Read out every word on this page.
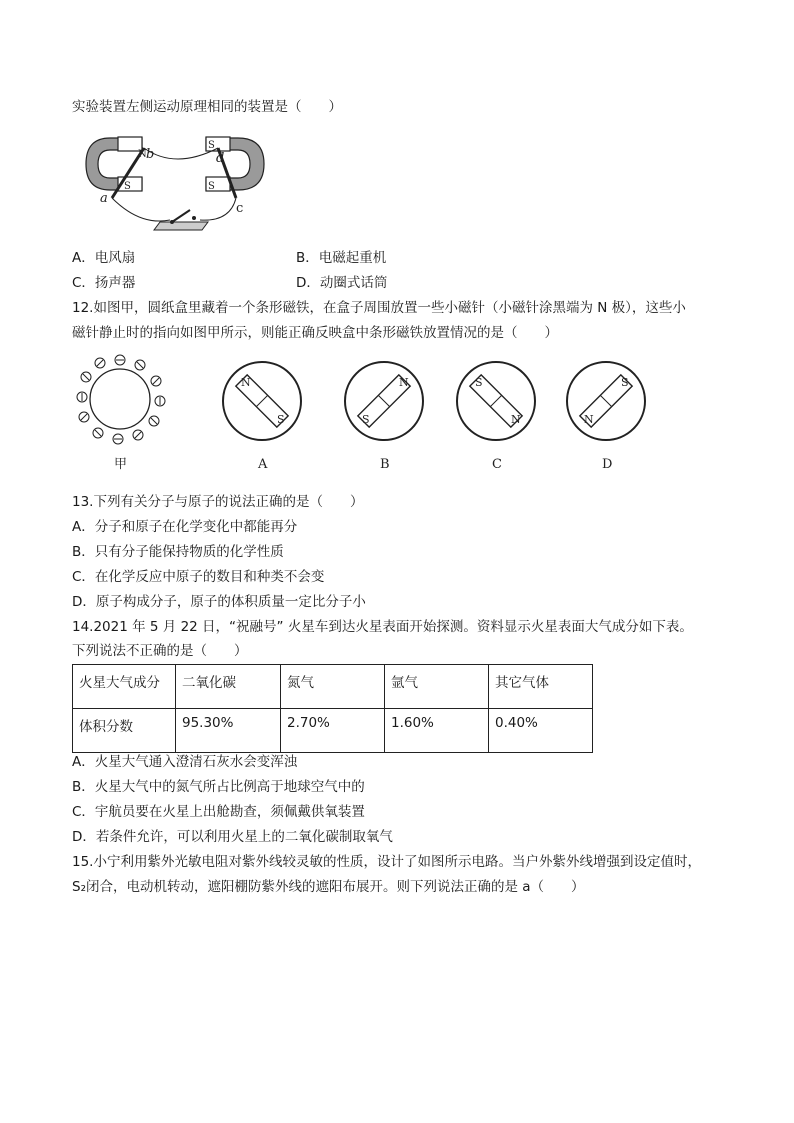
实验装置左侧运动原理相同的装置是（　　）
N
S
S
S
b	d
a
c
A．电风扇	B．电磁起重机
C．扬声器	D．动圈式话筒
12.如图甲，圆纸盒里藏着一个条形磁铁，在盒子周围放置一些小磁针（小磁针涂黑端为 N 极），这些小
磁针静止时的指向如图甲所示，则能正确反映盒中条形磁铁放置情况的是（　　）
甲
N
S
A
N
S
B
S
N
C
S
N
D
13.下列有关分子与原子的说法正确的是（　　）
A．分子和原子在化学变化中都能再分
B．只有分子能保持物质的化学性质
C．在化学反应中原子的数目和种类不会变
D．原子构成分子，原子的体积质量一定比分子小
14.2021 年 5 月 22 日，“祝融号” 火星车到达火星表面开始探测。资料显示火星表面大气成分如下表。
下列说法不正确的是（　　）
火星大气成分	二氧化碳	氮气	氩气	其它气体
体积分数	95.30%	2.70%	1.60%	0.40%
A．火星大气通入澄清石灰水会变浑浊
B．火星大气中的氮气所占比例高于地球空气中的
C．宇航员要在火星上出舱勘查，须佩戴供氧装置
D．若条件允许，可以利用火星上的二氧化碳制取氧气
15.小宁利用紫外光敏电阻对紫外线较灵敏的性质，设计了如图所示电路。当户外紫外线增强到设定值时，
S₂闭合，电动机转动，遮阳棚防紫外线的遮阳布展开。则下列说法正确的是 a（　　）
